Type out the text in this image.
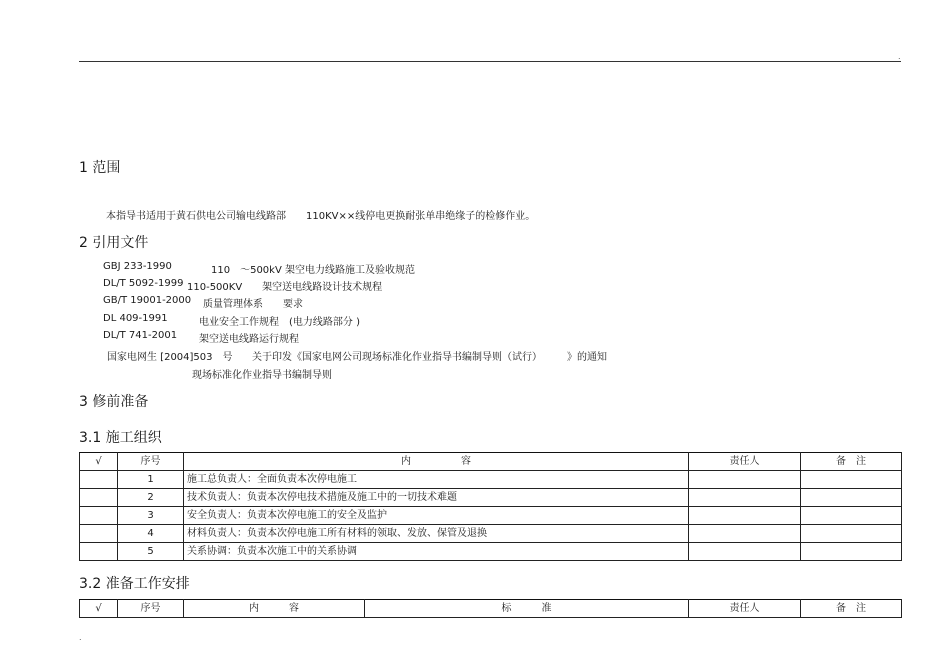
.
1 范围
本指导书适用于黄石供电公司输电线路部　　110KV××线停电更换耐张单串绝缘子的检修作业。
2 引用文件
GBJ 233-1990	110　～500kV 架空电力线路施工及验收规范
DL/T 5092-1999 110-500KV　　架空送电线路设计技术规程
GB/T 19001-2000 质量管理体系　　要求
DL 409-1991	电业安全工作规程　(电力线路部分 )
DL/T 741-2001 架空送电线路运行规程
国家电网生 [2004]503　号 关于印发《国家电网公司现场标准化作业指导书编制导则（试行）　　　》的通知
现场标准化作业指导书编制导则
3 修前准备
3.1 施工组织
√	序号	内　　　　　容	责任人	备　注
	1	施工总负责人：全面负责本次停电施工		
	2	技术负责人：负责本次停电技术措施及施工中的一切技术难题		
	3	安全负责人：负责本次停电施工的安全及监护		
	4	材料负责人：负责本次停电施工所有材料的领取、发放、保管及退换		
	5	关系协调：负责本次施工中的关系协调		
3.2 准备工作安排
√	序号	内　　　容	标　　　准	责任人	备　注
.
